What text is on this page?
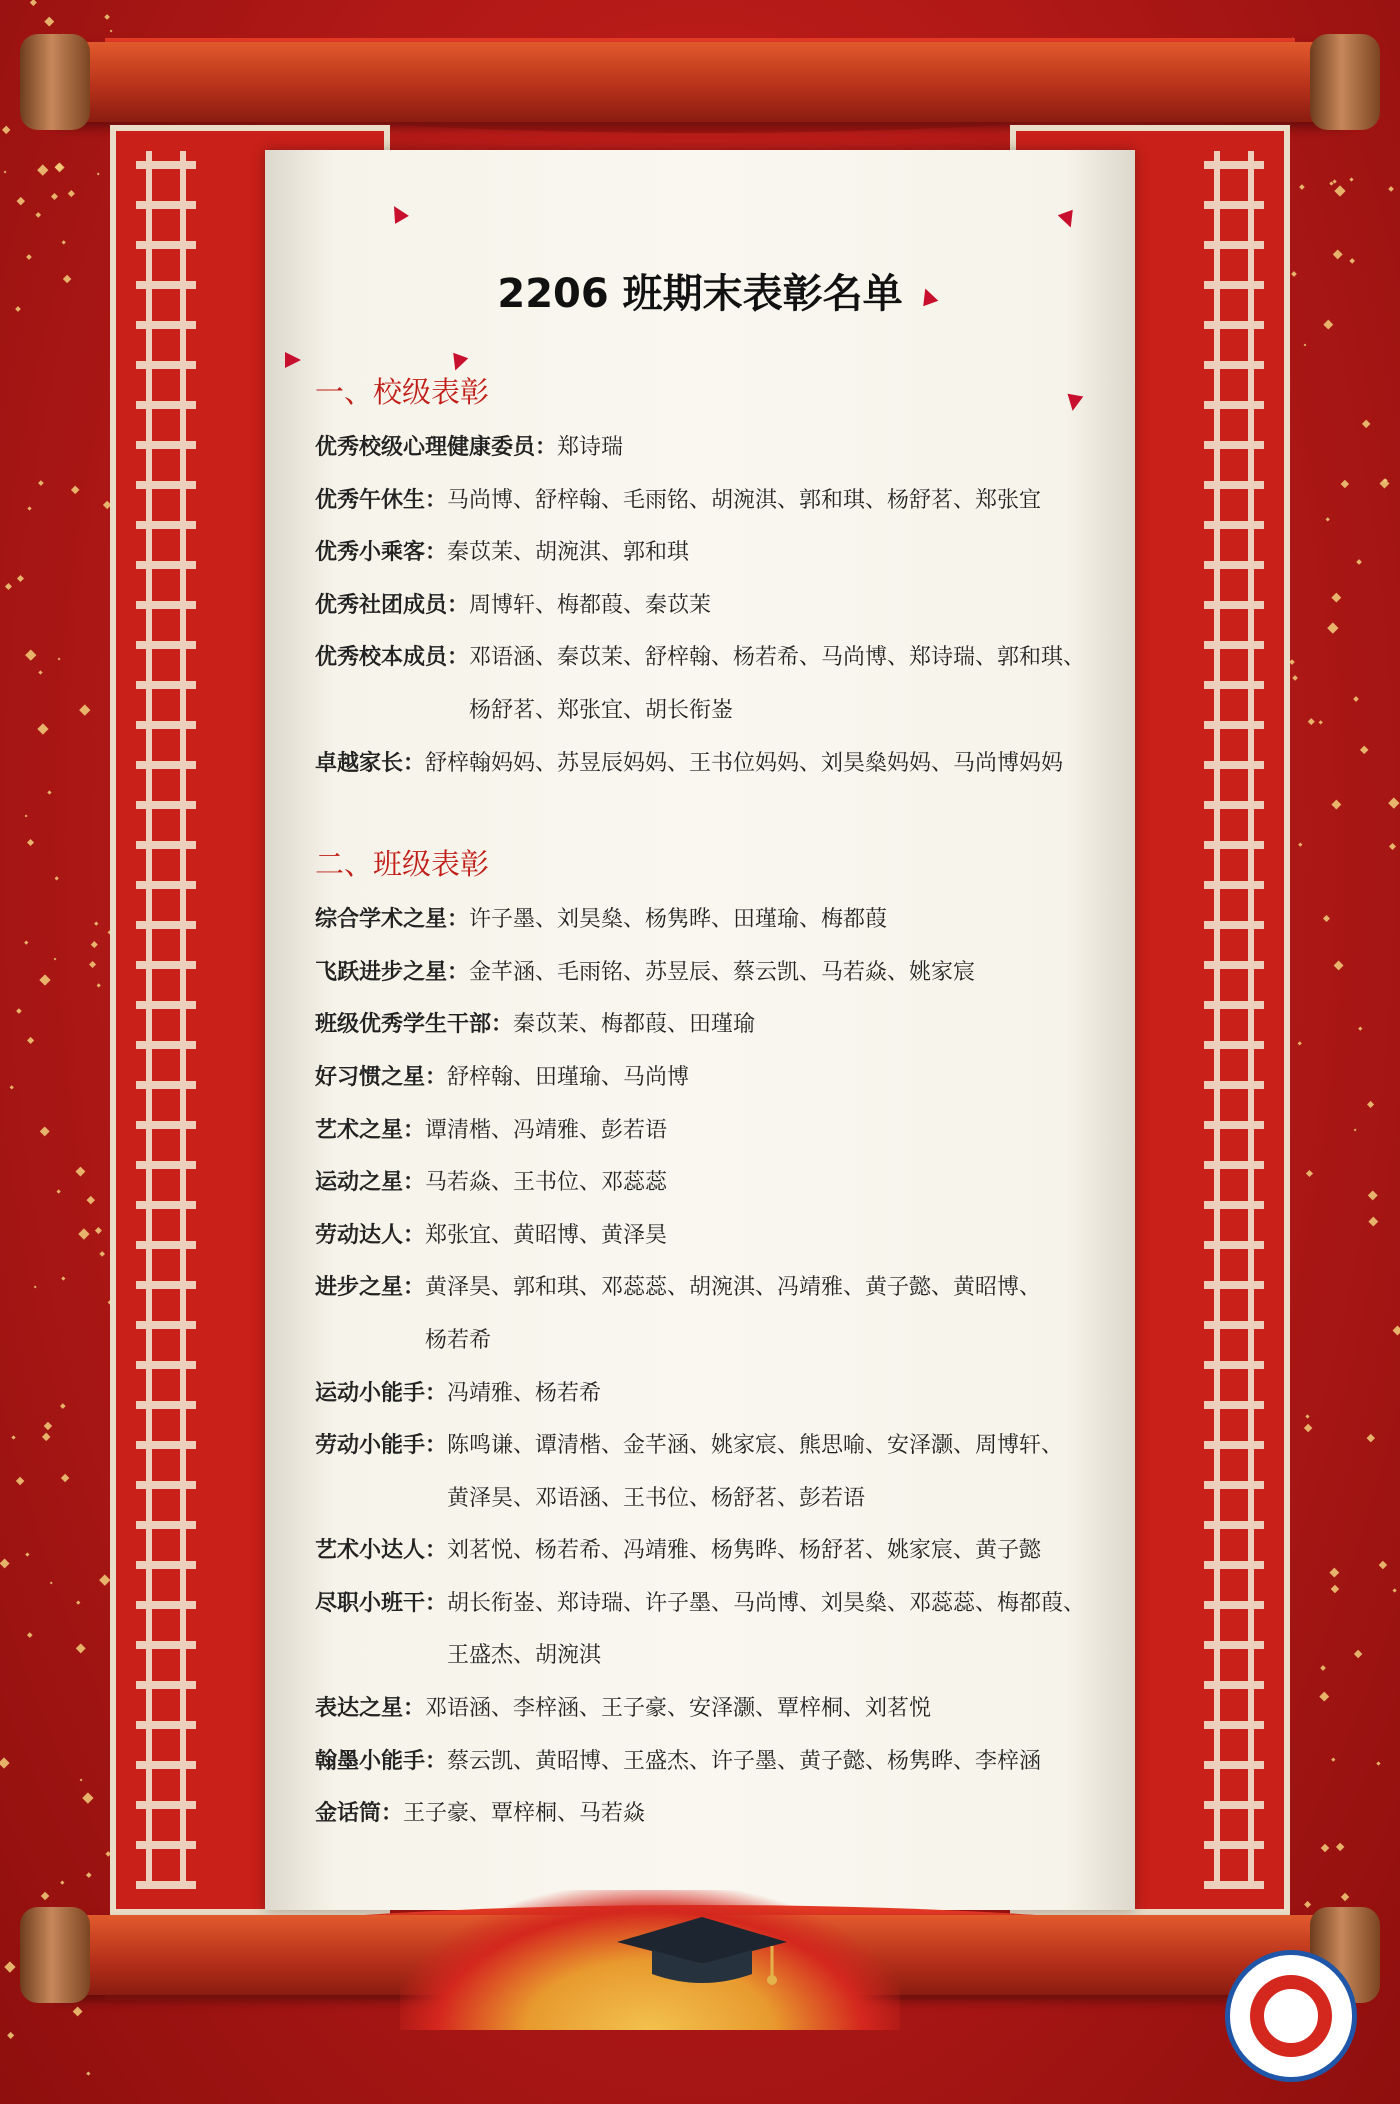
2206 班期末表彰名单
一、校级表彰
优秀校级心理健康委员： 郑诗瑞
优秀午休生： 马尚博、舒梓翰、毛雨铭、胡涴淇、郭和琪、杨舒茗、郑张宜
优秀小乘客： 秦苡茉、胡涴淇、郭和琪
优秀社团成员： 周博轩、梅都葭、秦苡茉
优秀校本成员： 邓语涵、秦苡茉、舒梓翰、杨若希、马尚博、郑诗瑞、郭和琪、
杨舒茗、郑张宜、胡长衔崟
卓越家长： 舒梓翰妈妈、苏昱辰妈妈、王书位妈妈、刘昊燊妈妈、马尚博妈妈
二、班级表彰
综合学术之星： 许子墨、刘昊燊、杨隽晔、田瑾瑜、梅都葭
飞跃进步之星： 金芊涵、毛雨铭、苏昱辰、蔡云凯、马若焱、姚家宸
班级优秀学生干部： 秦苡茉、梅都葭、田瑾瑜
好习惯之星： 舒梓翰、田瑾瑜、马尚博
艺术之星： 谭清楷、冯靖雅、彭若语
运动之星： 马若焱、王书位、邓蕊蕊
劳动达人： 郑张宜、黄昭博、黄泽昊
进步之星： 黄泽昊、郭和琪、邓蕊蕊、胡涴淇、冯靖雅、黄子懿、黄昭博、
杨若希
运动小能手： 冯靖雅、杨若希
劳动小能手： 陈鸣谦、谭清楷、金芊涵、姚家宸、熊思喻、安泽灏、周博轩、
黄泽昊、邓语涵、王书位、杨舒茗、彭若语
艺术小达人： 刘茗悦、杨若希、冯靖雅、杨隽晔、杨舒茗、姚家宸、黄子懿
尽职小班干： 胡长衔崟、郑诗瑞、许子墨、马尚博、刘昊燊、邓蕊蕊、梅都葭、
王盛杰、胡涴淇
表达之星： 邓语涵、李梓涵、王子豪、安泽灏、覃梓桐、刘茗悦
翰墨小能手： 蔡云凯、黄昭博、王盛杰、许子墨、黄子懿、杨隽晔、李梓涵
金话筒： 王子豪、覃梓桐、马若焱
